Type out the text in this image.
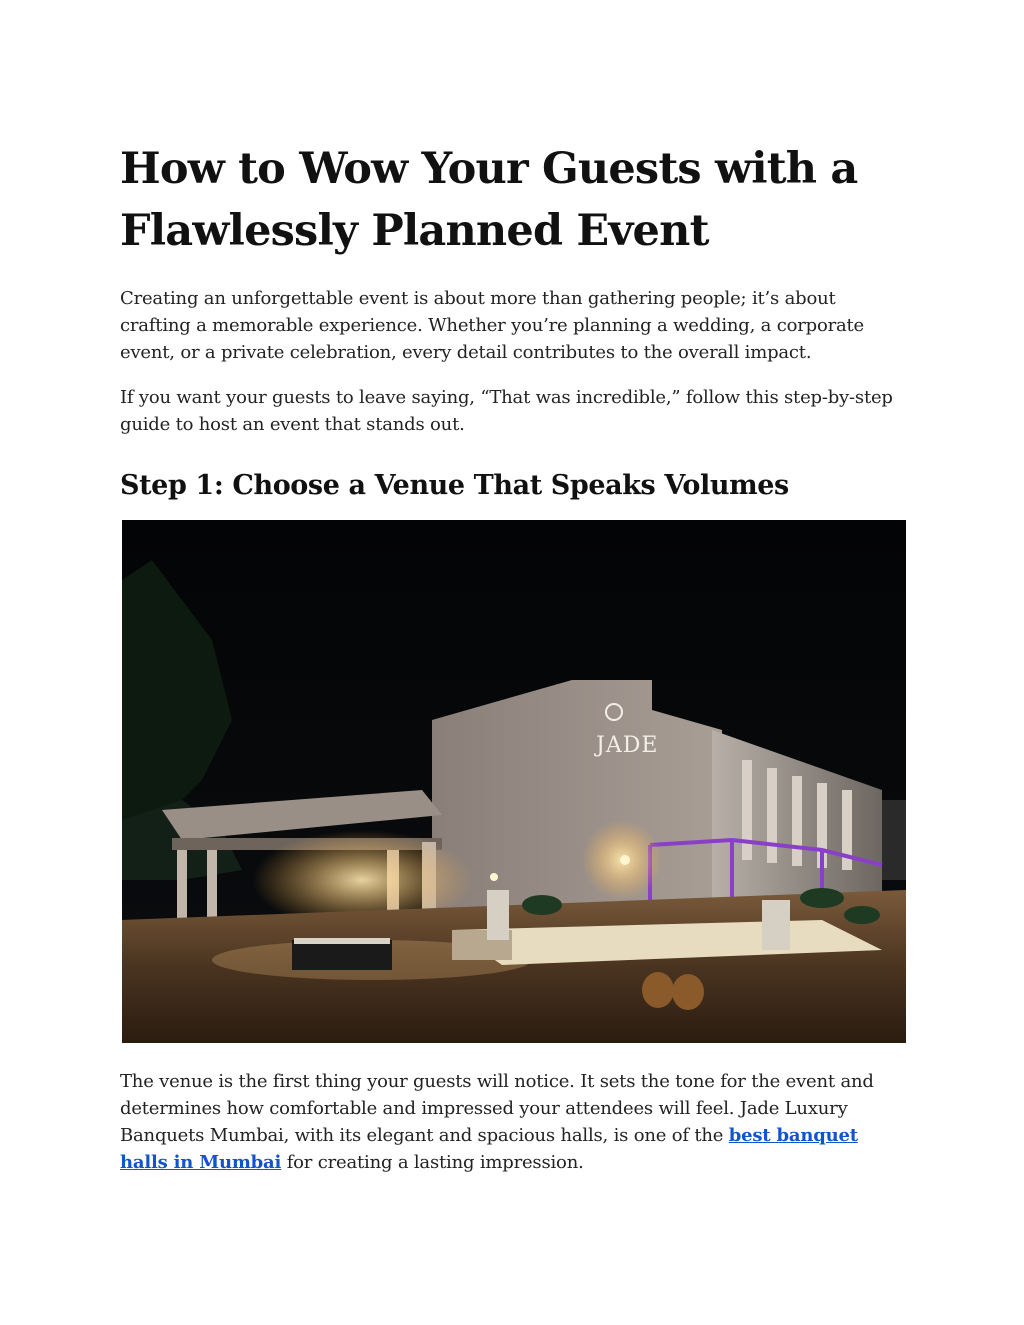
How to Wow Your Guests with a Flawlessly Planned Event

Creating an unforgettable event is about more than gathering people; it’s about crafting a memorable experience. Whether you’re planning a wedding, a corporate event, or a private celebration, every detail contributes to the overall impact.

If you want your guests to leave saying, “That was incredible,” follow this step-by-step guide to host an event that stands out.

Step 1: Choose a Venue That Speaks Volumes
JADE

The venue is the first thing your guests will notice. It sets the tone for the event and determines how comfortable and impressed your attendees will feel. Jade Luxury Banquets Mumbai, with its elegant and spacious halls, is one of the best banquet halls in Mumbai for creating a lasting impression.
